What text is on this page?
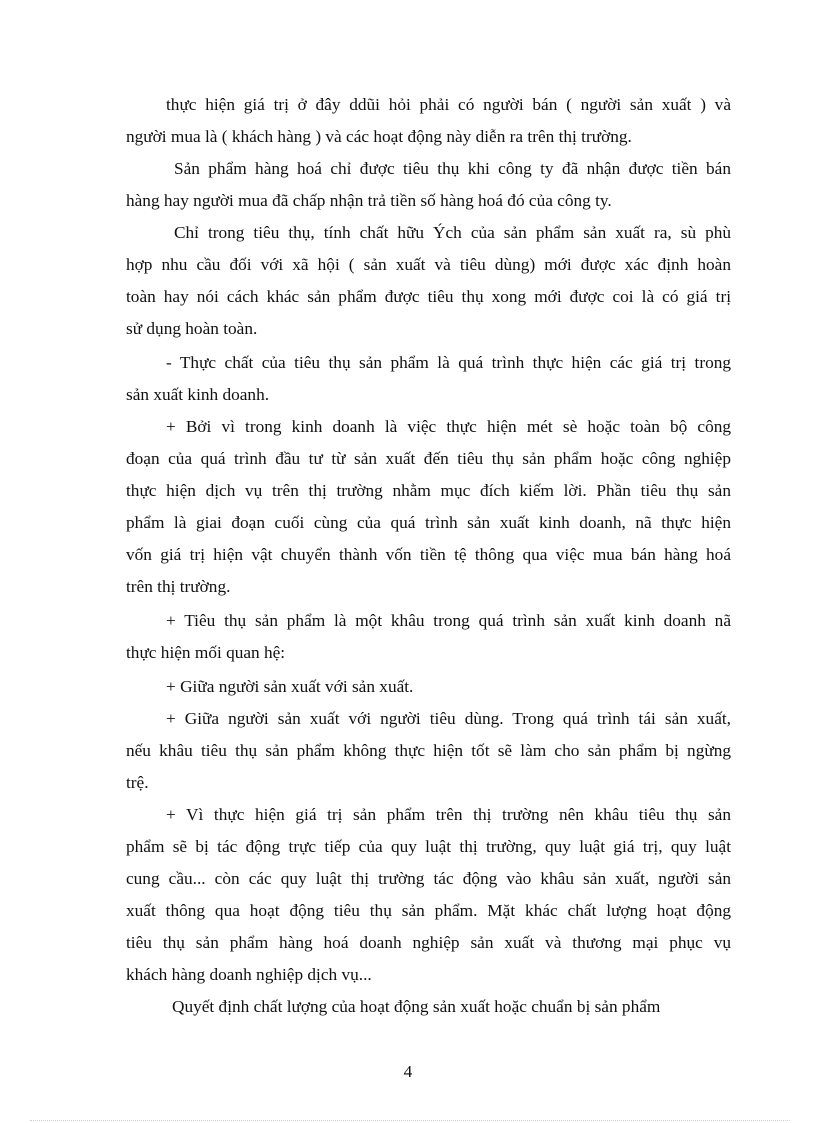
thực hiện giá trị ở đây ddũi hỏi phải có người bán ( người sản xuất ) và
người mua là ( khách hàng ) và các hoạt động này diễn ra trên thị trường.
Sản phẩm hàng hoá chỉ được tiêu thụ khi công ty đã nhận được tiền bán
hàng hay người mua đã chấp nhận trả tiền số hàng hoá đó của công ty.
Chỉ trong tiêu thụ, tính chất hữu Ých của sản phẩm sản xuất ra, sù phù
hợp nhu cầu đối với xã hội ( sản xuất và tiêu dùng) mới được xác định hoàn
toàn hay nói cách khác sản phẩm được tiêu thụ xong mới được coi là có giá trị
sử dụng hoàn toàn.
- Thực chất của tiêu thụ sản phẩm là quá trình thực hiện các giá trị trong
sản xuất kinh doanh.
+ Bởi vì trong kinh doanh là việc thực hiện mét sè hoặc toàn bộ công
đoạn của quá trình đầu tư từ sản xuất đến tiêu thụ sản phẩm hoặc công nghiệp
thực hiện dịch vụ trên thị trường nhằm mục đích kiếm lời. Phần tiêu thụ sản
phẩm là giai đoạn cuối cùng của quá trình sản xuất kinh doanh, nã thực hiện
vốn giá trị hiện vật chuyển thành vốn tiền tệ thông qua việc mua bán hàng hoá
trên thị trường.
+ Tiêu thụ sản phẩm là một khâu trong quá trình sản xuất kinh doanh nã
thực hiện mối quan hệ:
+ Giữa người sản xuất với sản xuất.
+ Giữa người sản xuất với người tiêu dùng. Trong quá trình tái sản xuất,
nếu khâu tiêu thụ sản phẩm không thực hiện tốt sẽ làm cho sản phẩm bị ngừng
trệ.
+ Vì thực hiện giá trị sản phẩm trên thị trường nên khâu tiêu thụ sản
phẩm sẽ bị tác động trực tiếp của quy luật thị trường, quy luật giá trị, quy luật
cung cầu... còn các quy luật thị trường tác động vào khâu sản xuất, người sản
xuất thông qua hoạt động tiêu thụ sản phẩm. Mặt khác chất lượng hoạt động
tiêu thụ sản phẩm hàng hoá doanh nghiệp sản xuất và thương mại phục vụ
khách hàng doanh nghiệp dịch vụ...
Quyết định chất lượng của hoạt động sản xuất hoặc chuẩn bị sản phẩm
4
